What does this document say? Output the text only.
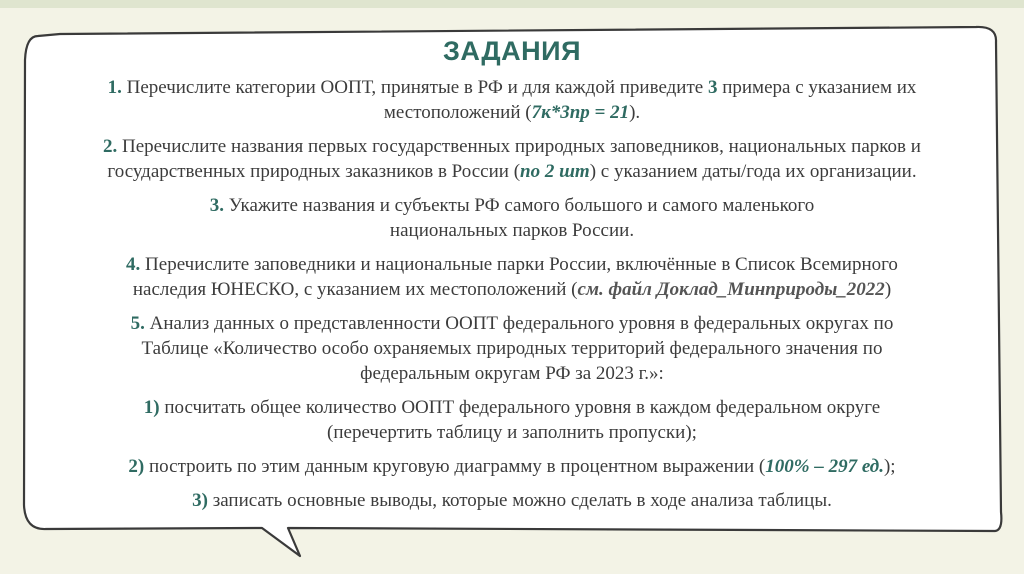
ЗАДАНИЯ
1. Перечислите категории ООПТ, принятые в РФ и для каждой приведите 3 примера с указанием их
местоположений (7к*3пр = 21).
2. Перечислите названия первых государственных природных заповедников, национальных парков и
государственных природных заказников в России (по 2 шт) с указанием даты/года их организации.
3. Укажите названия и субъекты РФ самого большого и самого маленького
национальных парков России.
4. Перечислите заповедники и национальные парки России, включённые в Список Всемирного
наследия ЮНЕСКО, с указанием их местоположений (см. файл Доклад_Минприроды_2022)
5. Анализ данных о представленности ООПТ федерального уровня в федеральных округах по
Таблице «Количество особо охраняемых природных территорий федерального значения по
федеральным округам РФ за 2023 г.»:
1) посчитать общее количество ООПТ федерального уровня в каждом федеральном округе
(перечертить таблицу и заполнить пропуски);
2) построить по этим данным круговую диаграмму в процентном выражении (100% – 297 ед.);
3) записать основные выводы, которые можно сделать в ходе анализа таблицы.
